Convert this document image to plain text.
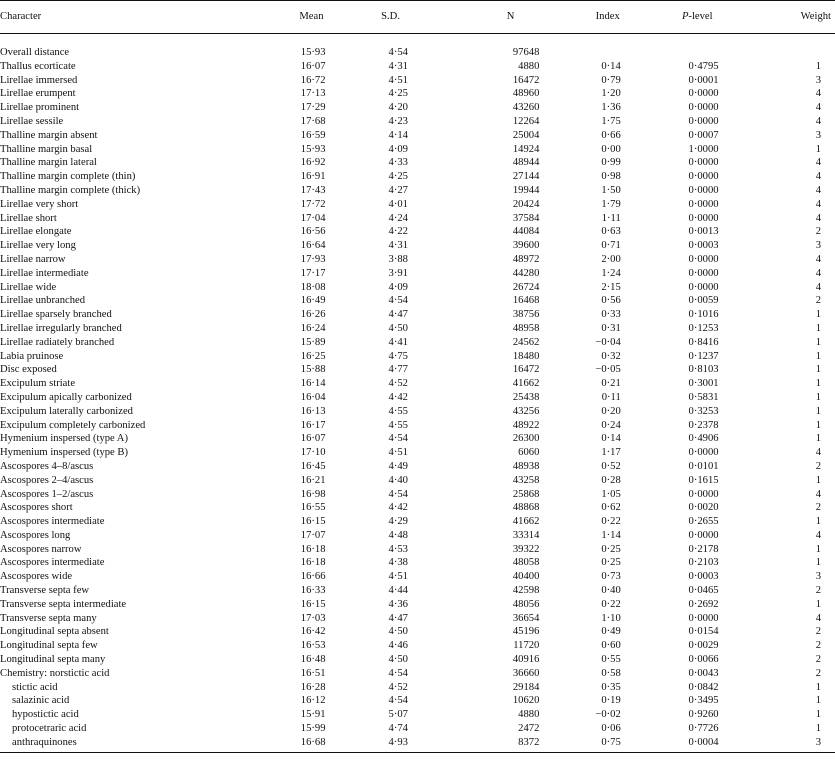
Character	Mean	S.D.	N	Index	P-level	Weight

Overall distance	15·93	4·54	97648			
Thallus ecorticate	16·07	4·31	4880	0·14	0·4795	1
Lirellae immersed	16·72	4·51	16472	0·79	0·0001	3
Lirellae erumpent	17·13	4·25	48960	1·20	0·0000	4
Lirellae prominent	17·29	4·20	43260	1·36	0·0000	4
Lirellae sessile	17·68	4·23	12264	1·75	0·0000	4
Thalline margin absent	16·59	4·14	25004	0·66	0·0007	3
Thalline margin basal	15·93	4·09	14924	0·00	1·0000	1
Thalline margin lateral	16·92	4·33	48944	0·99	0·0000	4
Thalline margin complete (thin)	16·91	4·25	27144	0·98	0·0000	4
Thalline margin complete (thick)	17·43	4·27	19944	1·50	0·0000	4
Lirellae very short	17·72	4·01	20424	1·79	0·0000	4
Lirellae short	17·04	4·24	37584	1·11	0·0000	4
Lirellae elongate	16·56	4·22	44084	0·63	0·0013	2
Lirellae very long	16·64	4·31	39600	0·71	0·0003	3
Lirellae narrow	17·93	3·88	48972	2·00	0·0000	4
Lirellae intermediate	17·17	3·91	44280	1·24	0·0000	4
Lirellae wide	18·08	4·09	26724	2·15	0·0000	4
Lirellae unbranched	16·49	4·54	16468	0·56	0·0059	2
Lirellae sparsely branched	16·26	4·47	38756	0·33	0·1016	1
Lirellae irregularly branched	16·24	4·50	48958	0·31	0·1253	1
Lirellae radiately branched	15·89	4·41	24562	−0·04	0·8416	1
Labia pruinose	16·25	4·75	18480	0·32	0·1237	1
Disc exposed	15·88	4·77	16472	−0·05	0·8103	1
Excipulum striate	16·14	4·52	41662	0·21	0·3001	1
Excipulum apically carbonized	16·04	4·42	25438	0·11	0·5831	1
Excipulum laterally carbonized	16·13	4·55	43256	0·20	0·3253	1
Excipulum completely carbonized	16·17	4·55	48922	0·24	0·2378	1
Hymenium inspersed (type A)	16·07	4·54	26300	0·14	0·4906	1
Hymenium inspersed (type B)	17·10	4·51	6060	1·17	0·0000	4
Ascospores 4–8/ascus	16·45	4·49	48938	0·52	0·0101	2
Ascospores 2–4/ascus	16·21	4·40	43258	0·28	0·1615	1
Ascospores 1–2/ascus	16·98	4·54	25868	1·05	0·0000	4
Ascospores short	16·55	4·42	48868	0·62	0·0020	2
Ascospores intermediate	16·15	4·29	41662	0·22	0·2655	1
Ascospores long	17·07	4·48	33314	1·14	0·0000	4
Ascospores narrow	16·18	4·53	39322	0·25	0·2178	1
Ascospores intermediate	16·18	4·38	48058	0·25	0·2103	1
Ascospores wide	16·66	4·51	40400	0·73	0·0003	3
Transverse septa few	16·33	4·44	42598	0·40	0·0465	2
Transverse septa intermediate	16·15	4·36	48056	0·22	0·2692	1
Transverse septa many	17·03	4·47	36654	1·10	0·0000	4
Longitudinal septa absent	16·42	4·50	45196	0·49	0·0154	2
Longitudinal septa few	16·53	4·46	11720	0·60	0·0029	2
Longitudinal septa many	16·48	4·50	40916	0·55	0·0066	2
Chemistry: norstictic acid	16·51	4·54	36660	0·58	0·0043	2
stictic acid	16·28	4·52	29184	0·35	0·0842	1
salazinic acid	16·12	4·54	10620	0·19	0·3495	1
hypostictic acid	15·91	5·07	4880	−0·02	0·9260	1
protocetraric acid	15·99	4·74	2472	0·06	0·7726	1
anthraquinones	16·68	4·93	8372	0·75	0·0004	3
